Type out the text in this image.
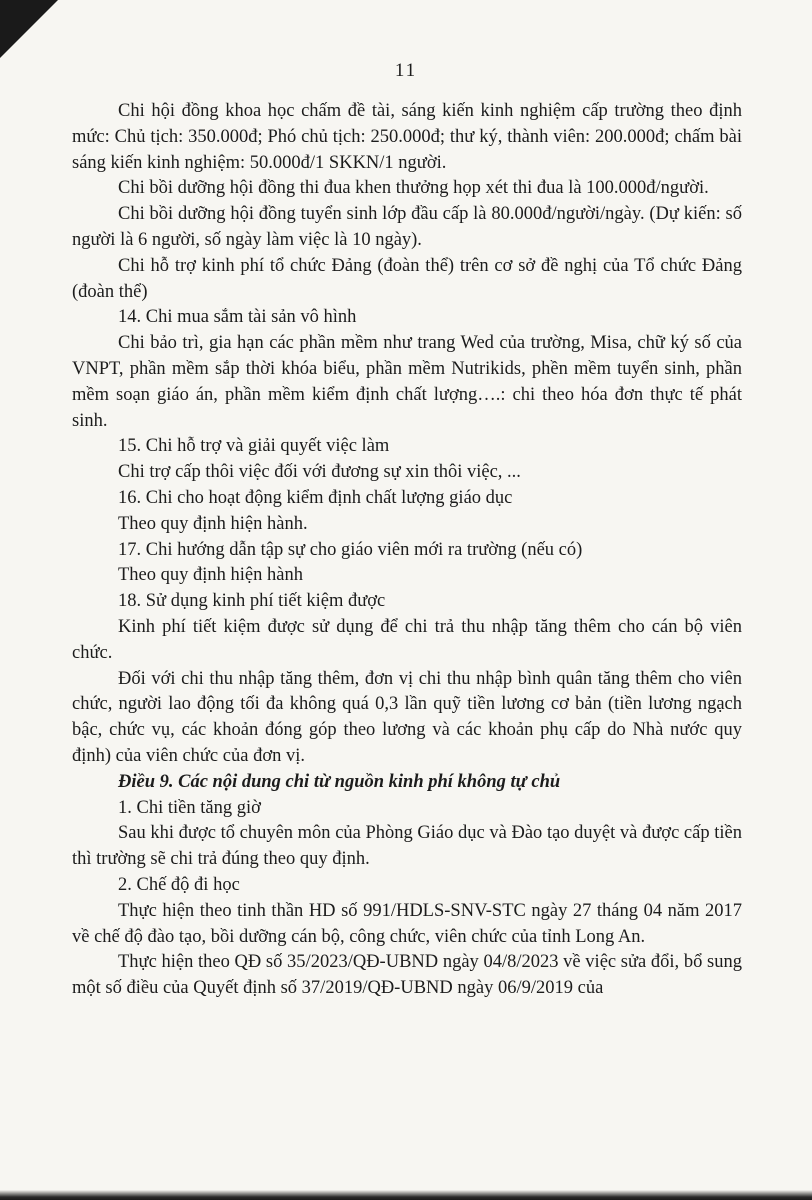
11

Chi hội đồng khoa học chấm đề tài, sáng kiến kinh nghiệm cấp trường theo định mức: Chủ tịch: 350.000đ; Phó chủ tịch: 250.000đ; thư ký, thành viên: 200.000đ; chấm bài sáng kiến kinh nghiệm: 50.000đ/1 SKKN/1 người.

Chi bồi dưỡng hội đồng thi đua khen thưởng họp xét thi đua là 100.000đ/người.

Chi bồi dưỡng hội đồng tuyển sinh lớp đầu cấp là 80.000đ/người/ngày. (Dự kiến: số người là 6 người, số ngày làm việc là 10 ngày).

Chi hỗ trợ kinh phí tổ chức Đảng (đoàn thể) trên cơ sở đề nghị của Tổ chức Đảng (đoàn thể)

14. Chi mua sắm tài sản vô hình

Chi bảo trì, gia hạn các phần mềm như trang Wed của trường, Misa, chữ ký số của VNPT, phần mềm sắp thời khóa biểu, phần mềm Nutrikids, phền mềm tuyển sinh, phần mềm soạn giáo án, phần mềm kiểm định chất lượng….: chi theo hóa đơn thực tế phát sinh.

15. Chi hỗ trợ và giải quyết việc làm

Chi trợ cấp thôi việc đối với đương sự xin thôi việc, ...

16. Chi cho hoạt động kiểm định chất lượng giáo dục

Theo quy định hiện hành.

17. Chi hướng dẫn tập sự cho giáo viên mới ra trường (nếu có)

Theo quy định hiện hành

18. Sử dụng kinh phí tiết kiệm được

Kinh phí tiết kiệm được sử dụng để chi trả thu nhập tăng thêm cho cán bộ viên chức.

Đối với chi thu nhập tăng thêm, đơn vị chi thu nhập bình quân tăng thêm cho viên chức, người lao động tối đa không quá 0,3 lần quỹ tiền lương cơ bản (tiền lương ngạch bậc, chức vụ, các khoản đóng góp theo lương và các khoản phụ cấp do Nhà nước quy định) của viên chức của đơn vị.

Điều 9. Các nội dung chi từ nguồn kinh phí không tự chủ

1. Chi tiền tăng giờ

Sau khi được tổ chuyên môn của Phòng Giáo dục và Đào tạo duyệt và được cấp tiền thì trường sẽ chi trả đúng theo quy định.

2. Chế độ đi học

Thực hiện theo tinh thần HD số 991/HDLS-SNV-STC ngày 27 tháng 04 năm 2017 về chế độ đào tạo, bồi dưỡng cán bộ, công chức, viên chức của tỉnh Long An.

Thực hiện theo QĐ số 35/2023/QĐ-UBND ngày 04/8/2023 về việc sửa đổi, bổ sung một số điều của Quyết định số 37/2019/QĐ-UBND ngày 06/9/2019 của
